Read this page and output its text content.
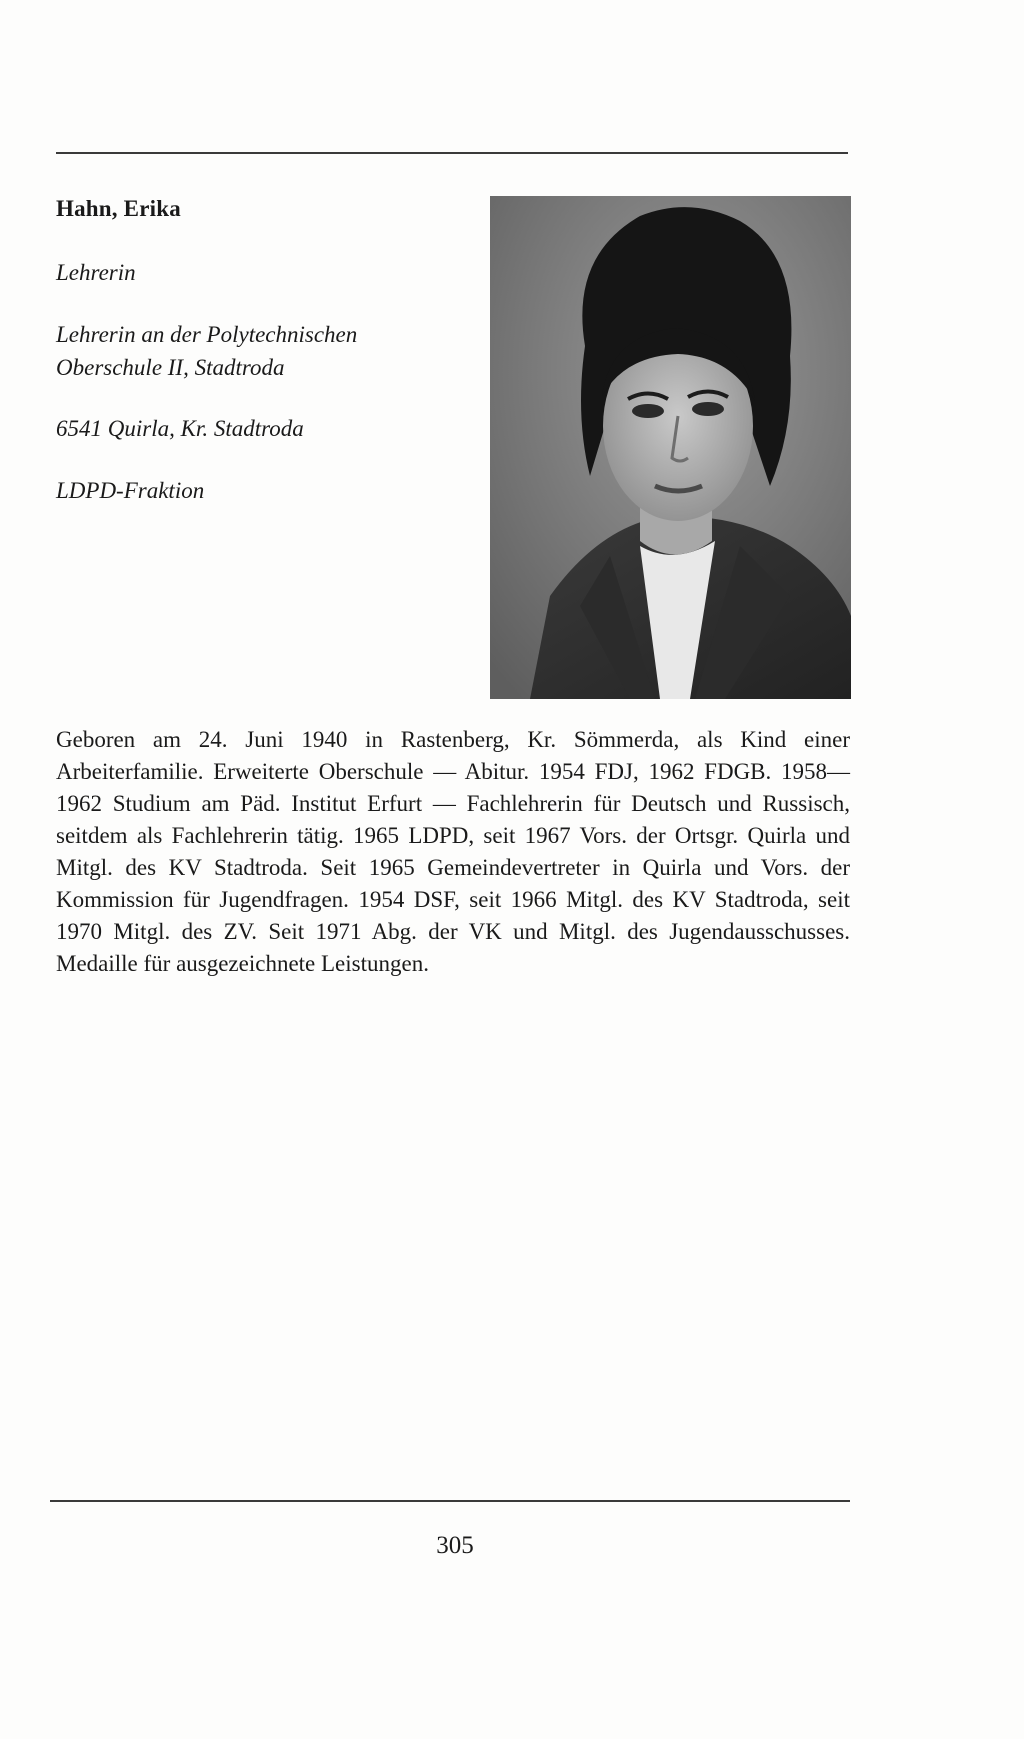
Hahn, Erika
Lehrerin
Lehrerin an der Polytechnischen
Oberschule II, Stadtroda
6541 Quirla, Kr. Stadtroda
LDPD-Fraktion
Geboren am 24. Juni 1940 in Rastenberg, Kr. Sömmerda, als Kind einer Arbeiterfamilie. Erweiterte Oberschule — Abitur. 1954 FDJ, 1962 FDGB. 1958—1962 Studium am Päd. Institut Erfurt — Fachlehrerin für Deutsch und Russisch, seitdem als Fachlehrerin tätig. 1965 LDPD, seit 1967 Vors. der Ortsgr. Quirla und Mitgl. des KV Stadtroda. Seit 1965 Gemeindevertreter in Quirla und Vors. der Kommission für Jugendfragen. 1954 DSF, seit 1966 Mitgl. des KV Stadtroda, seit 1970 Mitgl. des ZV. Seit 1971 Abg. der VK und Mitgl. des Jugendausschusses. Medaille für ausgezeichnete Leistungen.
305
